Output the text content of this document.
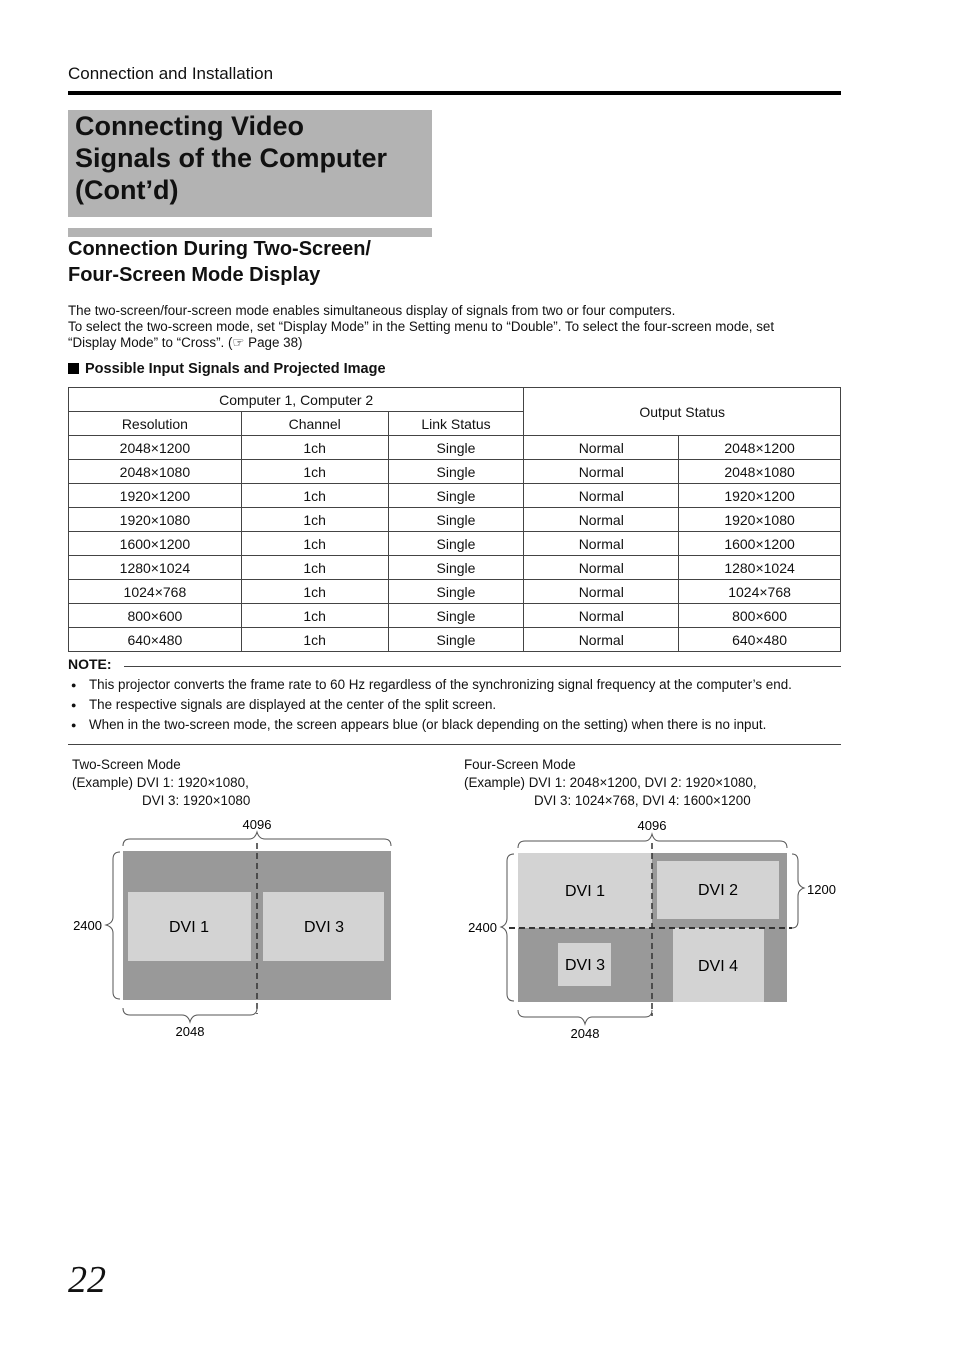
Connection and Installation
Connecting Video
Signals of the Computer
(Cont’d)
Connection During Two-Screen/
Four-Screen Mode Display
The two-screen/four-screen mode enables simultaneous display of signals from two or four computers.
To select the two-screen mode, set “Display Mode” in the Setting menu to “Double”. To select the four-screen mode, set
“Display Mode” to “Cross”. (☞ Page 38)
Possible Input Signals and Projected Image
Computer 1, Computer 2			Output Status	
Resolution	Channel	Link Status		
2048×1200	1ch	Single	Normal	2048×1200
2048×1080	1ch	Single	Normal	2048×1080
1920×1200	1ch	Single	Normal	1920×1200
1920×1080	1ch	Single	Normal	1920×1080
1600×1200	1ch	Single	Normal	1600×1200
1280×1024	1ch	Single	Normal	1280×1024
1024×768	1ch	Single	Normal	1024×768
800×600	1ch	Single	Normal	800×600
640×480	1ch	Single	Normal	640×480
NOTE:
● This projector converts the frame rate to 60 Hz regardless of the synchronizing signal frequency at the computer’s end.
● The respective signals are displayed at the center of the split screen.
● When in the two-screen mode, the screen appears blue (or black depending on the setting) when there is no input.
Two-Screen Mode
(Example) DVI 1: 1920×1080,
DVI 3: 1920×1080
Four-Screen Mode
(Example) DVI 1: 2048×1200, DVI 2: 1920×1080,
DVI 3: 1024×768, DVI 4: 1600×1200
4096
2400	DVI 1	DVI 3
2048
4096
2400
1200
DVI 1	DVI 2
DVI 3	DVI 4
2048
22
